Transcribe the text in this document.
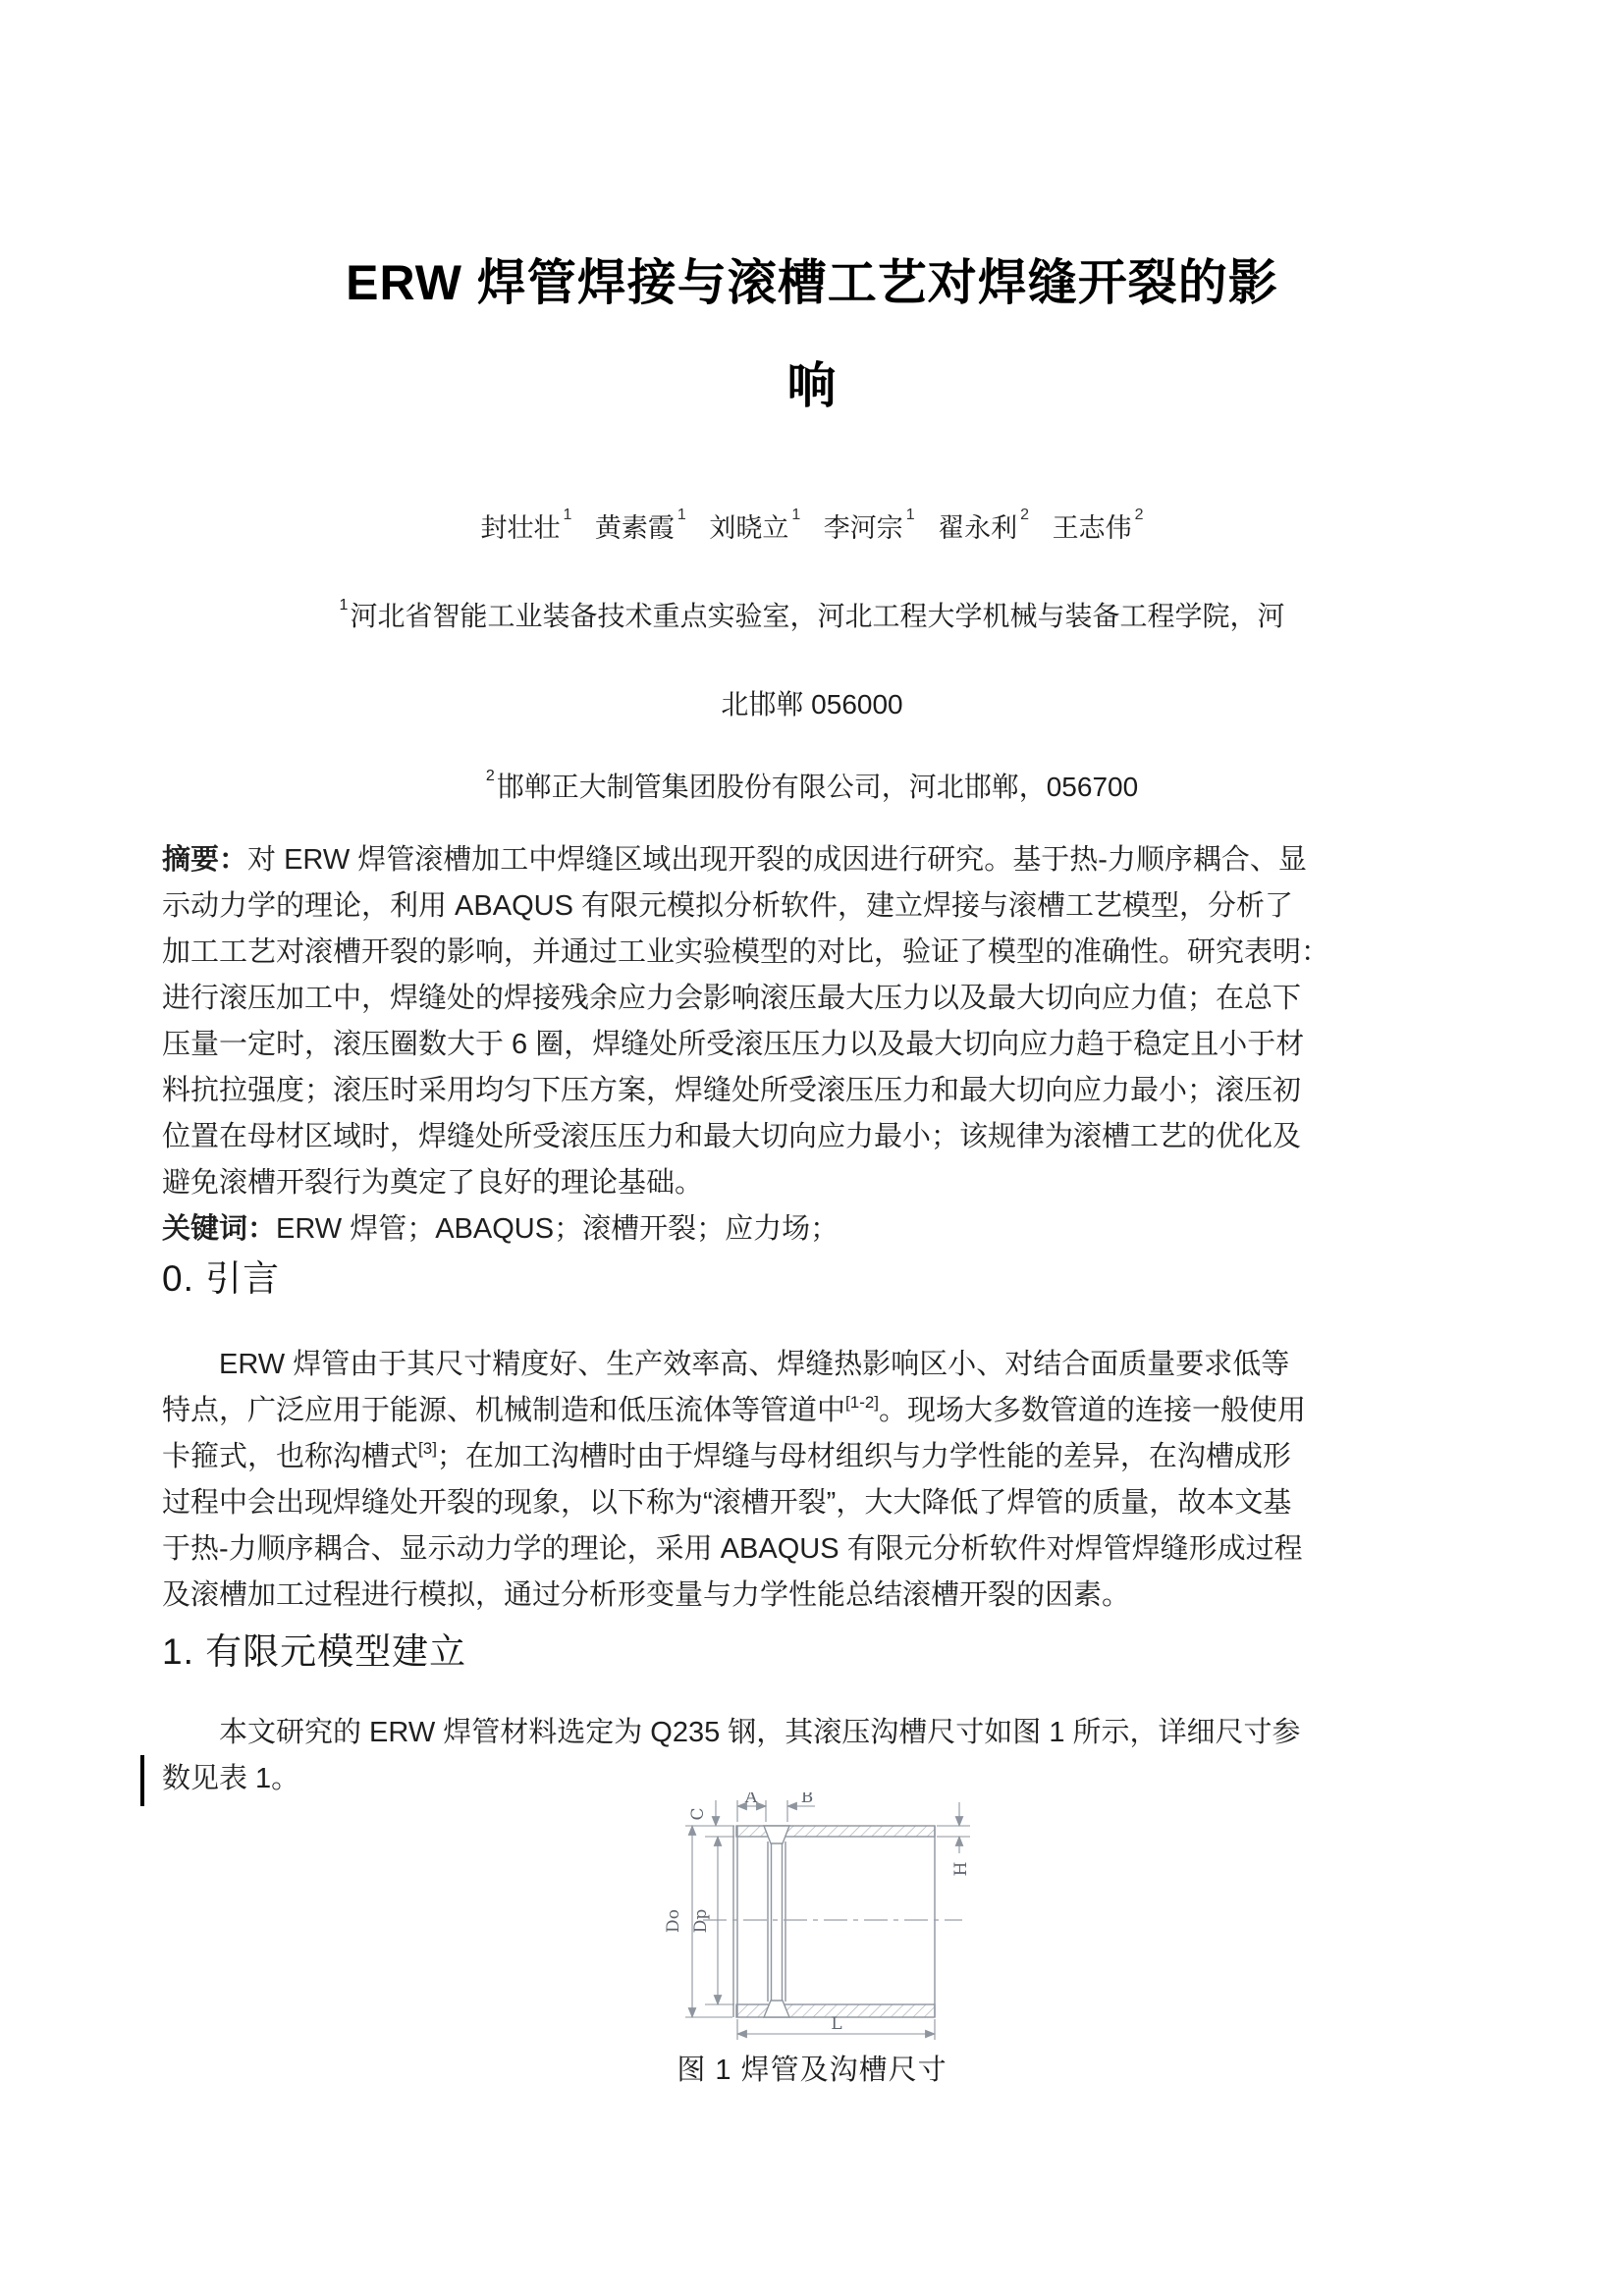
ERW 焊管焊接与滚槽工艺对焊缝开裂的影
响
封壮壮 $^1$ 黄素霞 $^1$ 刘晓立 $^1$ 李河宗 $^1$ 翟永利 $^2$ 王志伟 $^2$
$^1$河北省智能工业装备技术重点实验室，河北工程大学机械与装备工程学院，河
北邯郸 056000
$^2$邯郸正大制管集团股份有限公司，河北邯郸，056700
摘要：对 ERW 焊管滚槽加工中焊缝区域出现开裂的成因进行研究。基于热-力顺序耦合、显
示动力学的理论，利用 ABAQUS 有限元模拟分析软件，建立焊接与滚槽工艺模型，分析了
加工工艺对滚槽开裂的影响，并通过工业实验模型的对比，验证了模型的准确性。研究表明：
进行滚压加工中，焊缝处的焊接残余应力会影响滚压最大压力以及最大切向应力值；在总下
压量一定时，滚压圈数大于 6 圈，焊缝处所受滚压压力以及最大切向应力趋于稳定且小于材
料抗拉强度；滚压时采用均匀下压方案，焊缝处所受滚压压力和最大切向应力最小；滚压初
位置在母材区域时，焊缝处所受滚压压力和最大切向应力最小；该规律为滚槽工艺的优化及
避免滚槽开裂行为奠定了良好的理论基础。
关键词：ERW 焊管；ABAQUS；滚槽开裂；应力场；
0. 引言
ERW 焊管由于其尺寸精度好、生产效率高、焊缝热影响区小、对结合面质量要求低等
特点，广泛应用于能源、机械制造和低压流体等管道中[1-2]。现场大多数管道的连接一般使用
卡箍式，也称沟槽式[3]；在加工沟槽时由于焊缝与母材组织与力学性能的差异，在沟槽成形
过程中会出现焊缝处开裂的现象，以下称为“滚槽开裂”，大大降低了焊管的质量，故本文基
于热-力顺序耦合、显示动力学的理论，采用 ABAQUS 有限元分析软件对焊管焊缝形成过程
及滚槽加工过程进行模拟，通过分析形变量与力学性能总结滚槽开裂的因素。
1. 有限元模型建立
本文研究的 ERW 焊管材料选定为 Q235 钢，其滚压沟槽尺寸如图 1 所示，详细尺寸参
数见表 1。
A	B
C
H
Do Dp
L
图 1 焊管及沟槽尺寸
